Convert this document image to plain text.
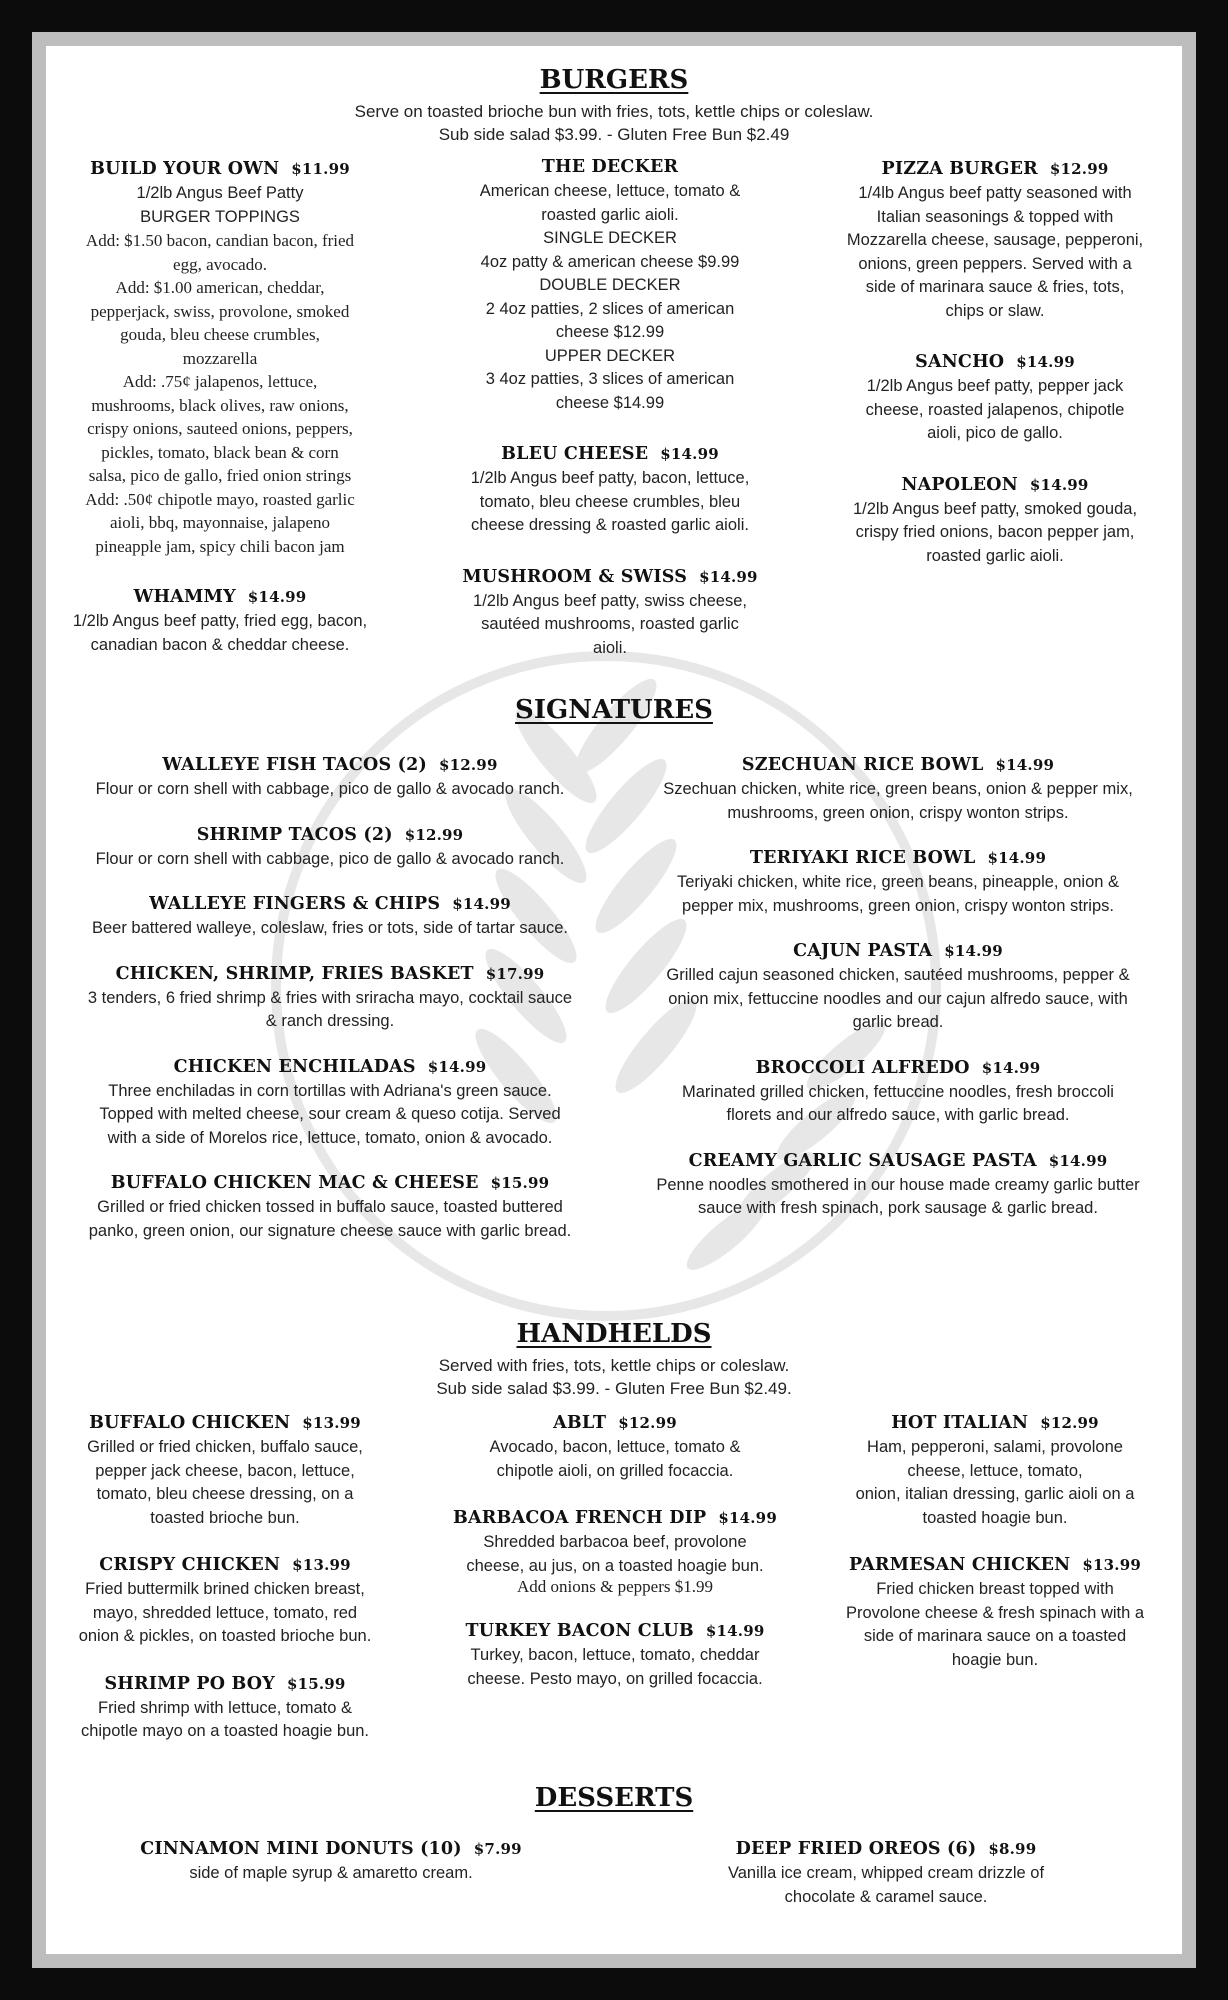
BURGERS
Serve on toasted brioche bun with fries, tots, kettle chips or coleslaw.
Sub side salad $3.99. - Gluten Free Bun $2.49
BUILD YOUR OWN $11.99
1/2lb Angus Beef Patty
BURGER TOPPINGS
Add: $1.50 bacon, candian bacon, fried
egg, avocado.
Add: $1.00 american, cheddar,
pepperjack, swiss, provolone, smoked
gouda, bleu cheese crumbles,
mozzarella
Add: .75¢ jalapenos, lettuce,
mushrooms, black olives, raw onions,
crispy onions, sauteed onions, peppers,
pickles, tomato, black bean & corn
salsa, pico de gallo, fried onion strings
Add: .50¢ chipotle mayo, roasted garlic
aioli, bbq, mayonnaise, jalapeno
pineapple jam, spicy chili bacon jam
WHAMMY $14.99
1/2lb Angus beef patty, fried egg, bacon,
canadian bacon & cheddar cheese.
THE DECKER
American cheese, lettuce, tomato &
roasted garlic aioli.
SINGLE DECKER
4oz patty & american cheese $9.99
DOUBLE DECKER
2 4oz patties, 2 slices of american
cheese $12.99
UPPER DECKER
3 4oz patties, 3 slices of american
cheese $14.99
BLEU CHEESE $14.99
1/2lb Angus beef patty, bacon, lettuce,
tomato, bleu cheese crumbles, bleu
cheese dressing & roasted garlic aioli.
MUSHROOM & SWISS $14.99
1/2lb Angus beef patty, swiss cheese,
sautéed mushrooms, roasted garlic
aioli.
PIZZA BURGER $12.99
1/4lb Angus beef patty seasoned with
Italian seasonings & topped with
Mozzarella cheese, sausage, pepperoni,
onions, green peppers. Served with a
side of marinara sauce & fries, tots,
chips or slaw.
SANCHO $14.99
1/2lb Angus beef patty, pepper jack
cheese, roasted jalapenos, chipotle
aioli, pico de gallo.
NAPOLEON $14.99
1/2lb Angus beef patty, smoked gouda,
crispy fried onions, bacon pepper jam,
roasted garlic aioli.
SIGNATURES
WALLEYE FISH TACOS (2) $12.99
Flour or corn shell with cabbage, pico de gallo & avocado ranch.
SHRIMP TACOS (2) $12.99
Flour or corn shell with cabbage, pico de gallo & avocado ranch.
WALLEYE FINGERS & CHIPS $14.99
Beer battered walleye, coleslaw, fries or tots, side of tartar sauce.
CHICKEN, SHRIMP, FRIES BASKET $17.99
3 tenders, 6 fried shrimp & fries with sriracha mayo, cocktail sauce
& ranch dressing.
CHICKEN ENCHILADAS $14.99
Three enchiladas in corn tortillas with Adriana's green sauce.
Topped with melted cheese, sour cream & queso cotija. Served
with a side of Morelos rice, lettuce, tomato, onion & avocado.
BUFFALO CHICKEN MAC & CHEESE $15.99
Grilled or fried chicken tossed in buffalo sauce, toasted buttered
panko, green onion, our signature cheese sauce with garlic bread.
SZECHUAN RICE BOWL $14.99
Szechuan chicken, white rice, green beans, onion & pepper mix,
mushrooms, green onion, crispy wonton strips.
TERIYAKI RICE BOWL $14.99
Teriyaki chicken, white rice, green beans, pineapple, onion &
pepper mix, mushrooms, green onion, crispy wonton strips.
CAJUN PASTA $14.99
Grilled cajun seasoned chicken, sautéed mushrooms, pepper &
onion mix, fettuccine noodles and our cajun alfredo sauce, with
garlic bread.
BROCCOLI ALFREDO $14.99
Marinated grilled chicken, fettuccine noodles, fresh broccoli
florets and our alfredo sauce, with garlic bread.
CREAMY GARLIC SAUSAGE PASTA $14.99
Penne noodles smothered in our house made creamy garlic butter
sauce with fresh spinach, pork sausage & garlic bread.
HANDHELDS
Served with fries, tots, kettle chips or coleslaw.
Sub side salad $3.99. - Gluten Free Bun $2.49.
BUFFALO CHICKEN $13.99
Grilled or fried chicken, buffalo sauce,
pepper jack cheese, bacon, lettuce,
tomato, bleu cheese dressing, on a
toasted brioche bun.
CRISPY CHICKEN $13.99
Fried buttermilk brined chicken breast,
mayo, shredded lettuce, tomato, red
onion & pickles, on toasted brioche bun.
SHRIMP PO BOY $15.99
Fried shrimp with lettuce, tomato &
chipotle mayo on a toasted hoagie bun.
ABLT $12.99
Avocado, bacon, lettuce, tomato &
chipotle aioli, on grilled focaccia.
BARBACOA FRENCH DIP $14.99
Shredded barbacoa beef, provolone
cheese, au jus, on a toasted hoagie bun.
Add onions & peppers $1.99
TURKEY BACON CLUB $14.99
Turkey, bacon, lettuce, tomato, cheddar
cheese. Pesto mayo, on grilled focaccia.
HOT ITALIAN $12.99
Ham, pepperoni, salami, provolone
cheese, lettuce, tomato,
onion, italian dressing, garlic aioli on a
toasted hoagie bun.
PARMESAN CHICKEN $13.99
Fried chicken breast topped with
Provolone cheese & fresh spinach with a
side of marinara sauce on a toasted
hoagie bun.
DESSERTS
CINNAMON MINI DONUTS (10) $7.99
side of maple syrup & amaretto cream.
DEEP FRIED OREOS (6) $8.99
Vanilla ice cream, whipped cream drizzle of
chocolate & caramel sauce.
